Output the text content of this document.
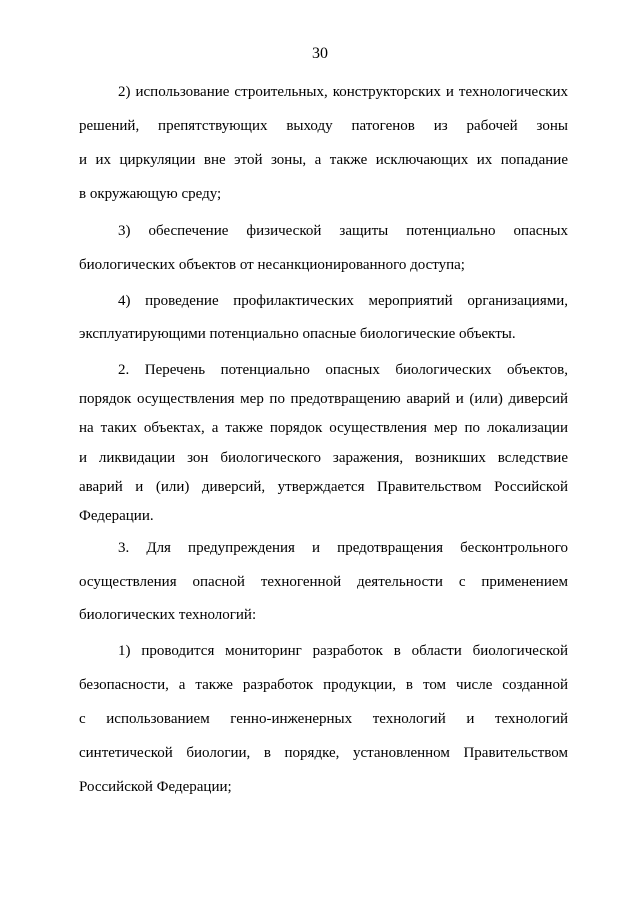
30
2) использование строительных, конструкторских и технологических
решений, препятствующих выходу патогенов из рабочей зоны
и их циркуляции вне этой зоны, а также исключающих их попадание
в окружающую среду;
3) обеспечение физической защиты потенциально опасных
биологических объектов от несанкционированного доступа;
4) проведение профилактических мероприятий организациями,
эксплуатирующими потенциально опасные биологические объекты.
2. Перечень потенциально опасных биологических объектов,
порядок осуществления мер по предотвращению аварий и (или) диверсий
на таких объектах, а также порядок осуществления мер по локализации
и ликвидации зон биологического заражения, возникших вследствие
аварий и (или) диверсий, утверждается Правительством Российской
Федерации.
3. Для предупреждения и предотвращения бесконтрольного
осуществления опасной техногенной деятельности с применением
биологических технологий:
1) проводится мониторинг разработок в области биологической
безопасности, а также разработок продукции, в том числе созданной
с использованием генно-инженерных технологий и технологий
синтетической биологии, в порядке, установленном Правительством
Российской Федерации;
